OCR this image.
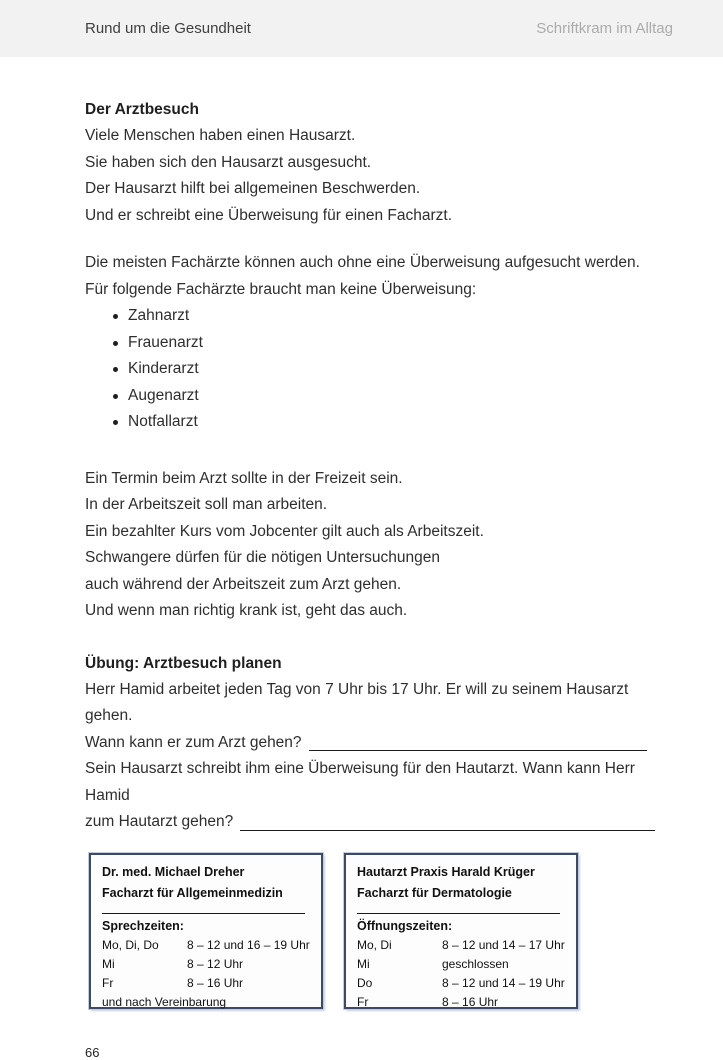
Rund um die Gesundheit	Schriftkram im Alltag
Der Arztbesuch

Viele Menschen haben einen Hausarzt.

Sie haben sich den Hausarzt ausgesucht.

Der Hausarzt hilft bei allgemeinen Beschwerden.

Und er schreibt eine Überweisung für einen Facharzt.

Die meisten Fachärzte können auch ohne eine Überweisung aufgesucht werden.

Für folgende Fachärzte braucht man keine Überweisung:

Zahnarzt
Frauenarzt
Kinderarzt
Augenarzt
Notfallarzt

Ein Termin beim Arzt sollte in der Freizeit sein.

In der Arbeitszeit soll man arbeiten.

Ein bezahlter Kurs vom Jobcenter gilt auch als Arbeitszeit.

Schwangere dürfen für die nötigen Untersuchungen

auch während der Arbeitszeit zum Arzt gehen.

Und wenn man richtig krank ist, geht das auch.

Übung: Arztbesuch planen

Herr Hamid arbeitet jeden Tag von 7 Uhr bis 17 Uhr. Er will zu seinem Hausarzt gehen.

Wann kann er zum Arzt gehen?

Sein Hausarzt schreibt ihm eine Überweisung für den Hautarzt. Wann kann Herr Hamid

zum Hautarzt gehen?
Dr. med. Michael Dreher
Facharzt für Allgemeinmedizin
Sprechzeiten:
Mo, Di, Do	8 – 12 und 16 – 19 Uhr
Mi	8 – 12 Uhr
Fr	8 – 16 Uhr
und nach Vereinbarung
Hautarzt Praxis Harald Krüger
Facharzt für Dermatologie
Öffnungszeiten:
Mo, Di	8 – 12 und 14 – 17 Uhr
Mi	geschlossen
Do	8 – 12 und 14 – 19 Uhr
Fr	8 – 16 Uhr
66
